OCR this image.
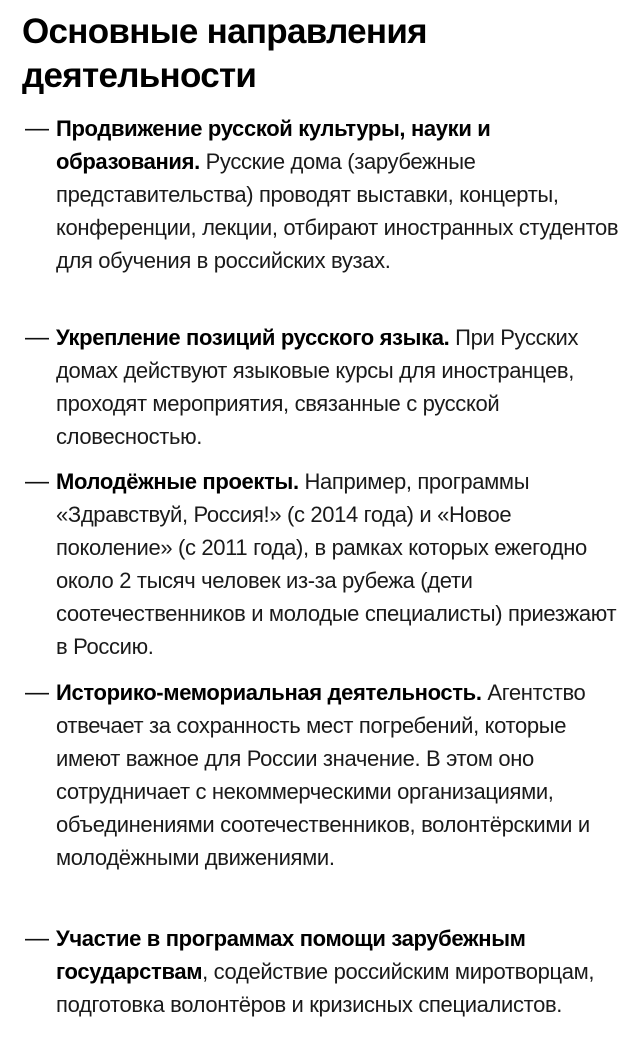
Основные направления деятельности
— Продвижение русской культуры, науки и образования. Русские дома (зарубежные представительства) проводят выставки, концерты, конференции, лекции, отбирают иностранных студентов для обучения в российских вузах.
— Укрепление позиций русского языка. При Русских домах действуют языковые курсы для иностранцев, проходят мероприятия, связанные с русской словесностью.
— Молодёжные проекты. Например, программы «Здравствуй, Россия!» (с 2014 года) и «Новое поколение» (с 2011 года), в рамках которых ежегодно около 2 тысяч человек из-за рубежа (дети соотечественников и молодые специалисты) приезжают в Россию.
— Историко-мемориальная деятельность. Агентство отвечает за сохранность мест погребений, которые имеют важное для России значение. В этом оно сотрудничает с некоммерческими организациями, объединениями соотечественников, волонтёрскими и молодёжными движениями.
— Участие в программах помощи зарубежным государствам, содействие российским миротворцам, подготовка волонтёров и кризисных специалистов.
